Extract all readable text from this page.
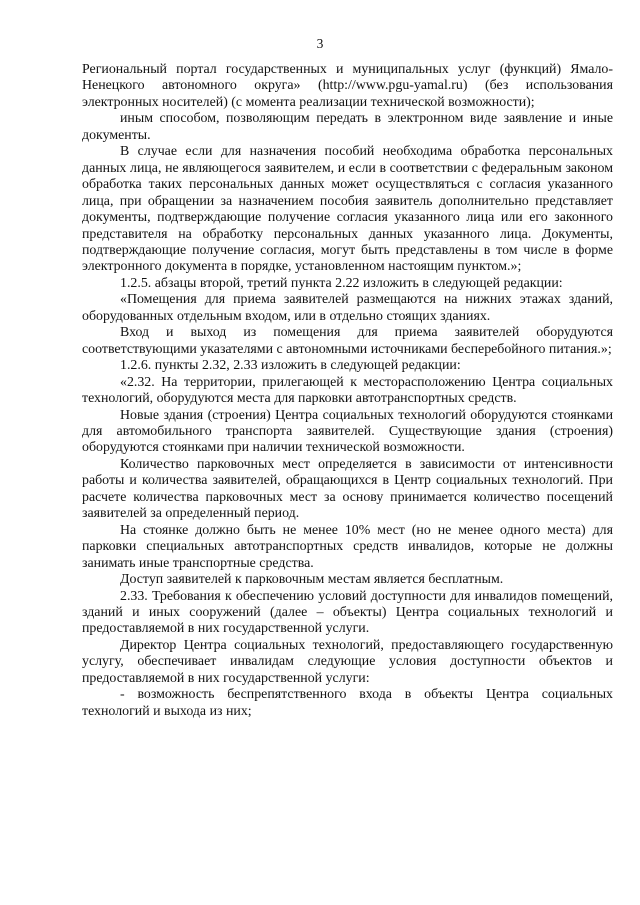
3

Региональный портал государственных и муниципальных услуг (функций) Ямало-Ненецкого автономного округа» (http://www.pgu-yamal.ru) (без использования электронных носителей) (с момента реализации технической возможности);

иным способом, позволяющим передать в электронном виде заявление и иные документы.

В случае если для назначения пособий необходима обработка персональных данных лица, не являющегося заявителем, и если в соответствии с федеральным законом обработка таких персональных данных может осуществляться с согласия указанного лица, при обращении за назначением пособия заявитель дополнительно представляет документы, подтверждающие получение согласия указанного лица или его законного представителя на обработку персональных данных указанного лица. Документы, подтверждающие получение согласия, могут быть представлены в том числе в форме электронного документа в порядке, установленном настоящим пунктом.»;

1.2.5. абзацы второй, третий пункта 2.22 изложить в следующей редакции:

«Помещения для приема заявителей размещаются на нижних этажах зданий, оборудованных отдельным входом, или в отдельно стоящих зданиях.

Вход и выход из помещения для приема заявителей оборудуются соответствующими указателями с автономными источниками бесперебойного питания.»;

1.2.6. пункты 2.32, 2.33 изложить в следующей редакции:

«2.32. На территории, прилегающей к месторасположению Центра социальных технологий, оборудуются места для парковки автотранспортных средств.

Новые здания (строения) Центра социальных технологий оборудуются стоянками для автомобильного транспорта заявителей. Существующие здания (строения) оборудуются стоянками при наличии технической возможности.

Количество парковочных мест определяется в зависимости от интенсивности работы и количества заявителей, обращающихся в Центр социальных технологий. При расчете количества парковочных мест за основу принимается количество посещений заявителей за определенный период.

На стоянке должно быть не менее 10% мест (но не менее одного места) для парковки специальных автотранспортных средств инвалидов, которые не должны занимать иные транспортные средства.

Доступ заявителей к парковочным местам является бесплатным.

2.33. Требования к обеспечению условий доступности для инвалидов помещений, зданий и иных сооружений (далее – объекты) Центра социальных технологий и предоставляемой в них государственной услуги.

Директор Центра социальных технологий, предоставляющего государственную услугу, обеспечивает инвалидам следующие условия доступности объектов и предоставляемой в них государственной услуги:

- возможность беспрепятственного входа в объекты Центра социальных технологий и выхода из них;
